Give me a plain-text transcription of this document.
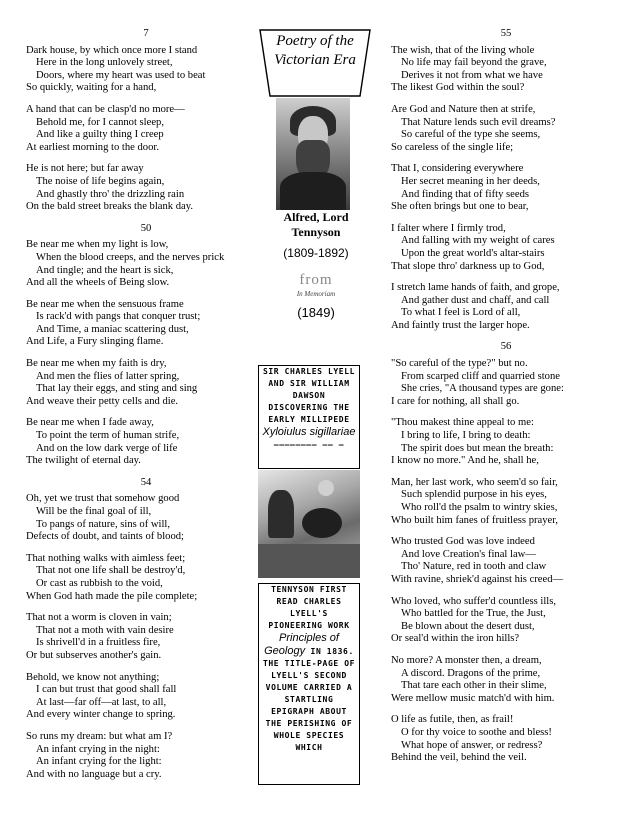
7
Dark house, by which once more I stand
Here in the long unlovely street,
Doors, where my heart was used to beat
So quickly, waiting for a hand,
A hand that can be clasp'd no more—
Behold me, for I cannot sleep,
And like a guilty thing I creep
At earliest morning to the door.
He is not here; but far away
The noise of life begins again,
And ghastly thro' the drizzling rain
On the bald street breaks the blank day.
50
Be near me when my light is low,
When the blood creeps, and the nerves prick
And tingle; and the heart is sick,
And all the wheels of Being slow.
Be near me when the sensuous frame
Is rack'd with pangs that conquer trust;
And Time, a maniac scattering dust,
And Life, a Fury slinging flame.
Be near me when my faith is dry,
And men the flies of latter spring,
That lay their eggs, and sting and sing
And weave their petty cells and die.
Be near me when I fade away,
To point the term of human strife,
And on the low dark verge of life
The twilight of eternal day.
54
Oh, yet we trust that somehow good
Will be the final goal of ill,
To pangs of nature, sins of will,
Defects of doubt, and taints of blood;
That nothing walks with aimless feet;
That not one life shall be destroy'd,
Or cast as rubbish to the void,
When God hath made the pile complete;
That not a worm is cloven in vain;
That not a moth with vain desire
Is shrivell'd in a fruitless fire,
Or but subserves another's gain.
Behold, we know not anything;
I can but trust that good shall fall
At last—far off—at last, to all,
And every winter change to spring.
So runs my dream: but what am I?
An infant crying in the night:
An infant crying for the light:
And with no language but a cry.
55
The wish, that of the living whole
No life may fail beyond the grave,
Derives it not from what we have
The likest God within the soul?
Are God and Nature then at strife,
That Nature lends such evil dreams?
So careful of the type she seems,
So careless of the single life;
That I, considering everywhere
Her secret meaning in her deeds,
And finding that of fifty seeds
She often brings but one to bear,
I falter where I firmly trod,
And falling with my weight of cares
Upon the great world's altar-stairs
That slope thro' darkness up to God,
I stretch lame hands of faith, and grope,
And gather dust and chaff, and call
To what I feel is Lord of all,
And faintly trust the larger hope.
56
"So careful of the type?" but no.
From scarped cliff and quarried stone
She cries, "A thousand types are gone:
I care for nothing, all shall go.
"Thou makest thine appeal to me:
I bring to life, I bring to death:
The spirit does but mean the breath:
I know no more." And he, shall he,
Man, her last work, who seem'd so fair,
Such splendid purpose in his eyes,
Who roll'd the psalm to wintry skies,
Who built him fanes of fruitless prayer,
Who trusted God was love indeed
And love Creation's final law—
Tho' Nature, red in tooth and claw
With ravine, shriek'd against his creed—
Who loved, who suffer'd countless ills,
Who battled for the True, the Just,
Be blown about the desert dust,
Or seal'd within the iron hills?
No more? A monster then, a dream,
A discord. Dragons of the prime,
That tare each other in their slime,
Were mellow music match'd with him.
O life as futile, then, as frail!
O for thy voice to soothe and bless!
What hope of answer, or redress?
Behind the veil, behind the veil.
Poetry of the
Victorian Era
Alfred, Lord
Tennyson
(1809-1892)
from
In Memoriam
(1849)
SIR CHARLES LYELL AND SIR WILLIAM DAWSON DISCOVERING THE EARLY MILLIPEDE
Xyloiulus sigillariae
———————— —— —
TENNYSON FIRST READ CHARLES LYELL'S PIONEERING WORK Principles of Geology IN 1836. THE TITLE-PAGE OF LYELL'S SECOND VOLUME CARRIED A STARTLING EPIGRAPH ABOUT THE PERISHING OF WHOLE SPECIES WHICH
